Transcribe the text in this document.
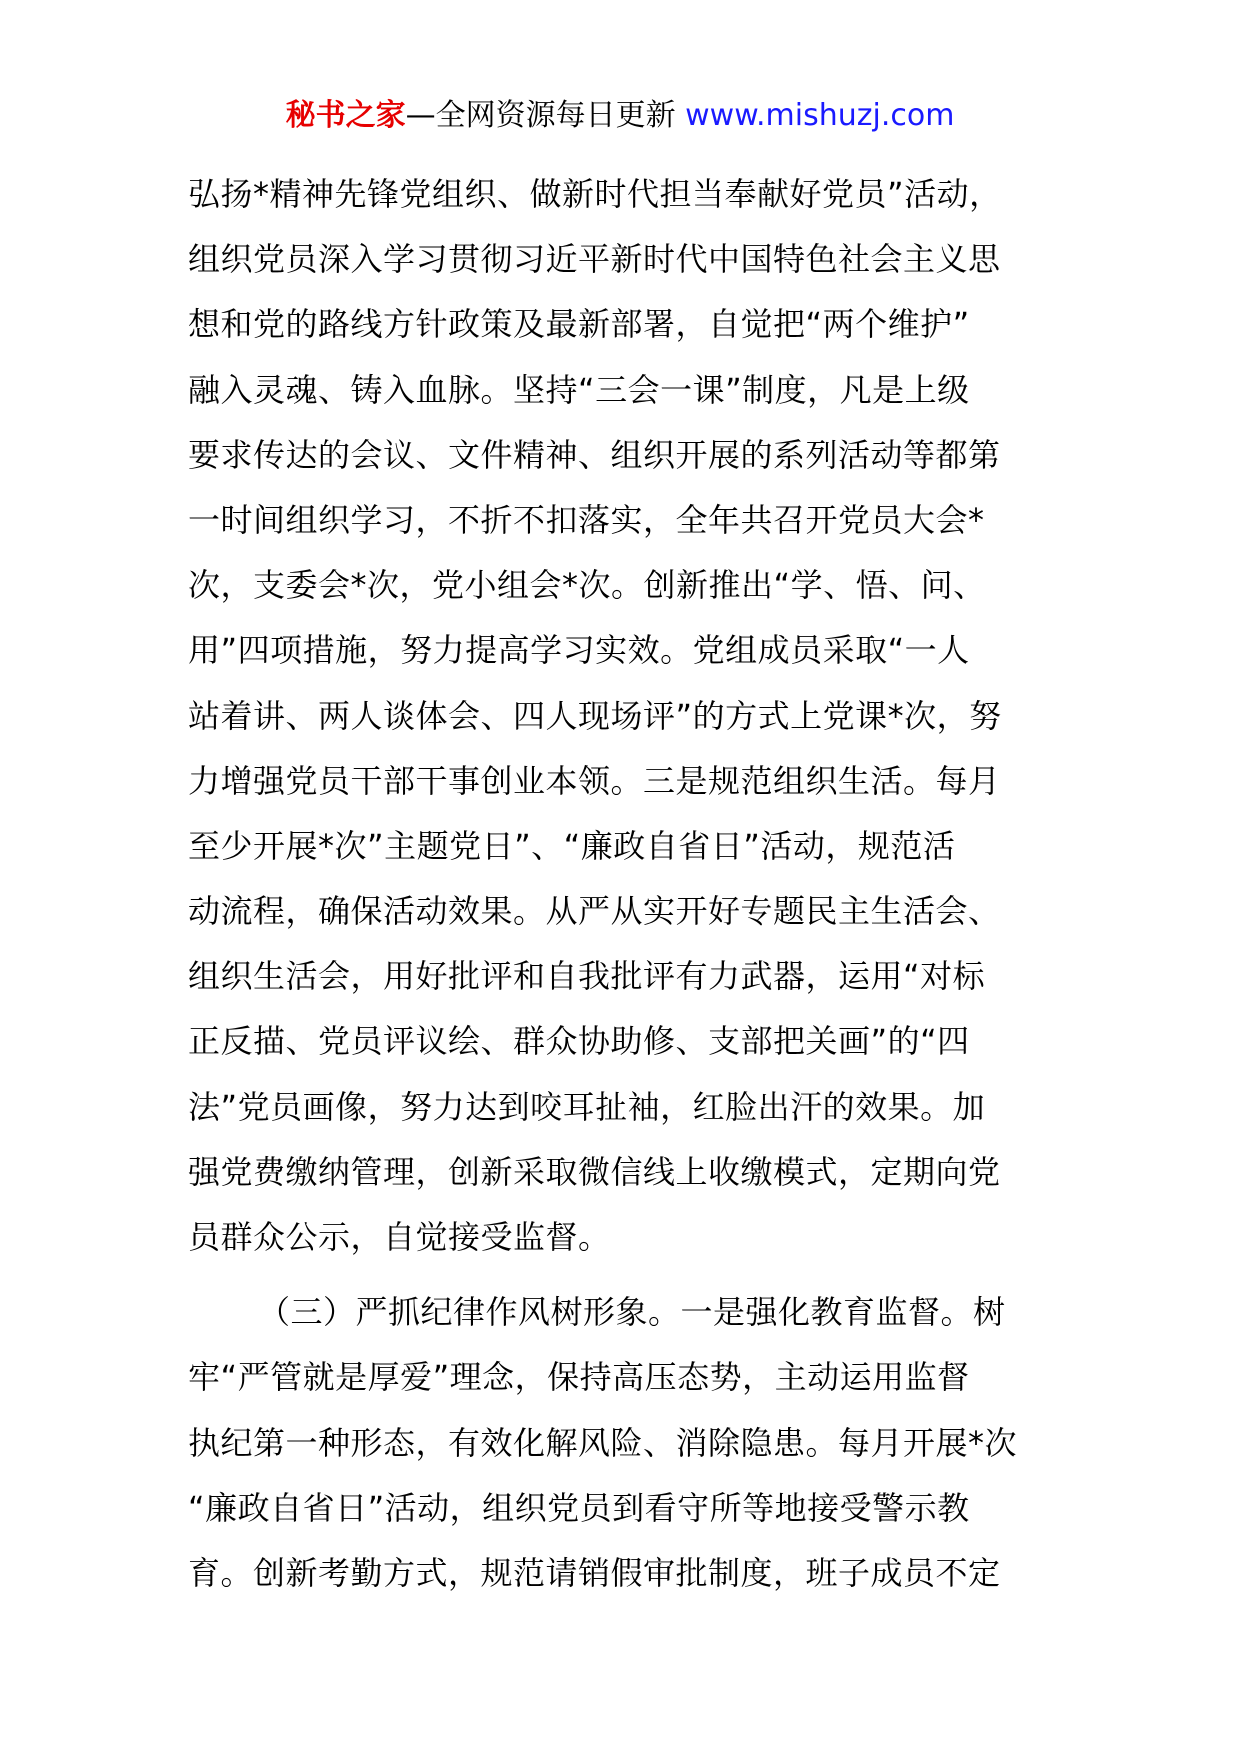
秘书之家—全网资源每日更新 www.mishuzj.com
弘扬*精神先锋党组织、做新时代担当奉献好党员”活动，
组织党员深入学习贯彻习近平新时代中国特色社会主义思
想和党的路线方针政策及最新部署，自觉把“两个维护”
融入灵魂、铸入血脉。坚持“三会一课”制度，凡是上级
要求传达的会议、文件精神、组织开展的系列活动等都第
一时间组织学习，不折不扣落实，全年共召开党员大会*
次，支委会*次，党小组会*次。创新推出“学、悟、问、
用”四项措施，努力提高学习实效。党组成员采取“一人
站着讲、两人谈体会、四人现场评”的方式上党课*次，努
力增强党员干部干事创业本领。三是规范组织生活。每月
至少开展*次”主题党日”、“廉政自省日”活动，规范活
动流程，确保活动效果。从严从实开好专题民主生活会、
组织生活会，用好批评和自我批评有力武器，运用“对标
正反描、党员评议绘、群众协助修、支部把关画”的“四
法”党员画像，努力达到咬耳扯袖，红脸出汗的效果。加
强党费缴纳管理，创新采取微信线上收缴模式，定期向党
员群众公示，自觉接受监督。
（三）严抓纪律作风树形象。一是强化教育监督。树
牢“严管就是厚爱”理念，保持高压态势，主动运用监督
执纪第一种形态，有效化解风险、消除隐患。每月开展*次
“廉政自省日”活动，组织党员到看守所等地接受警示教
育。创新考勤方式，规范请销假审批制度，班子成员不定
